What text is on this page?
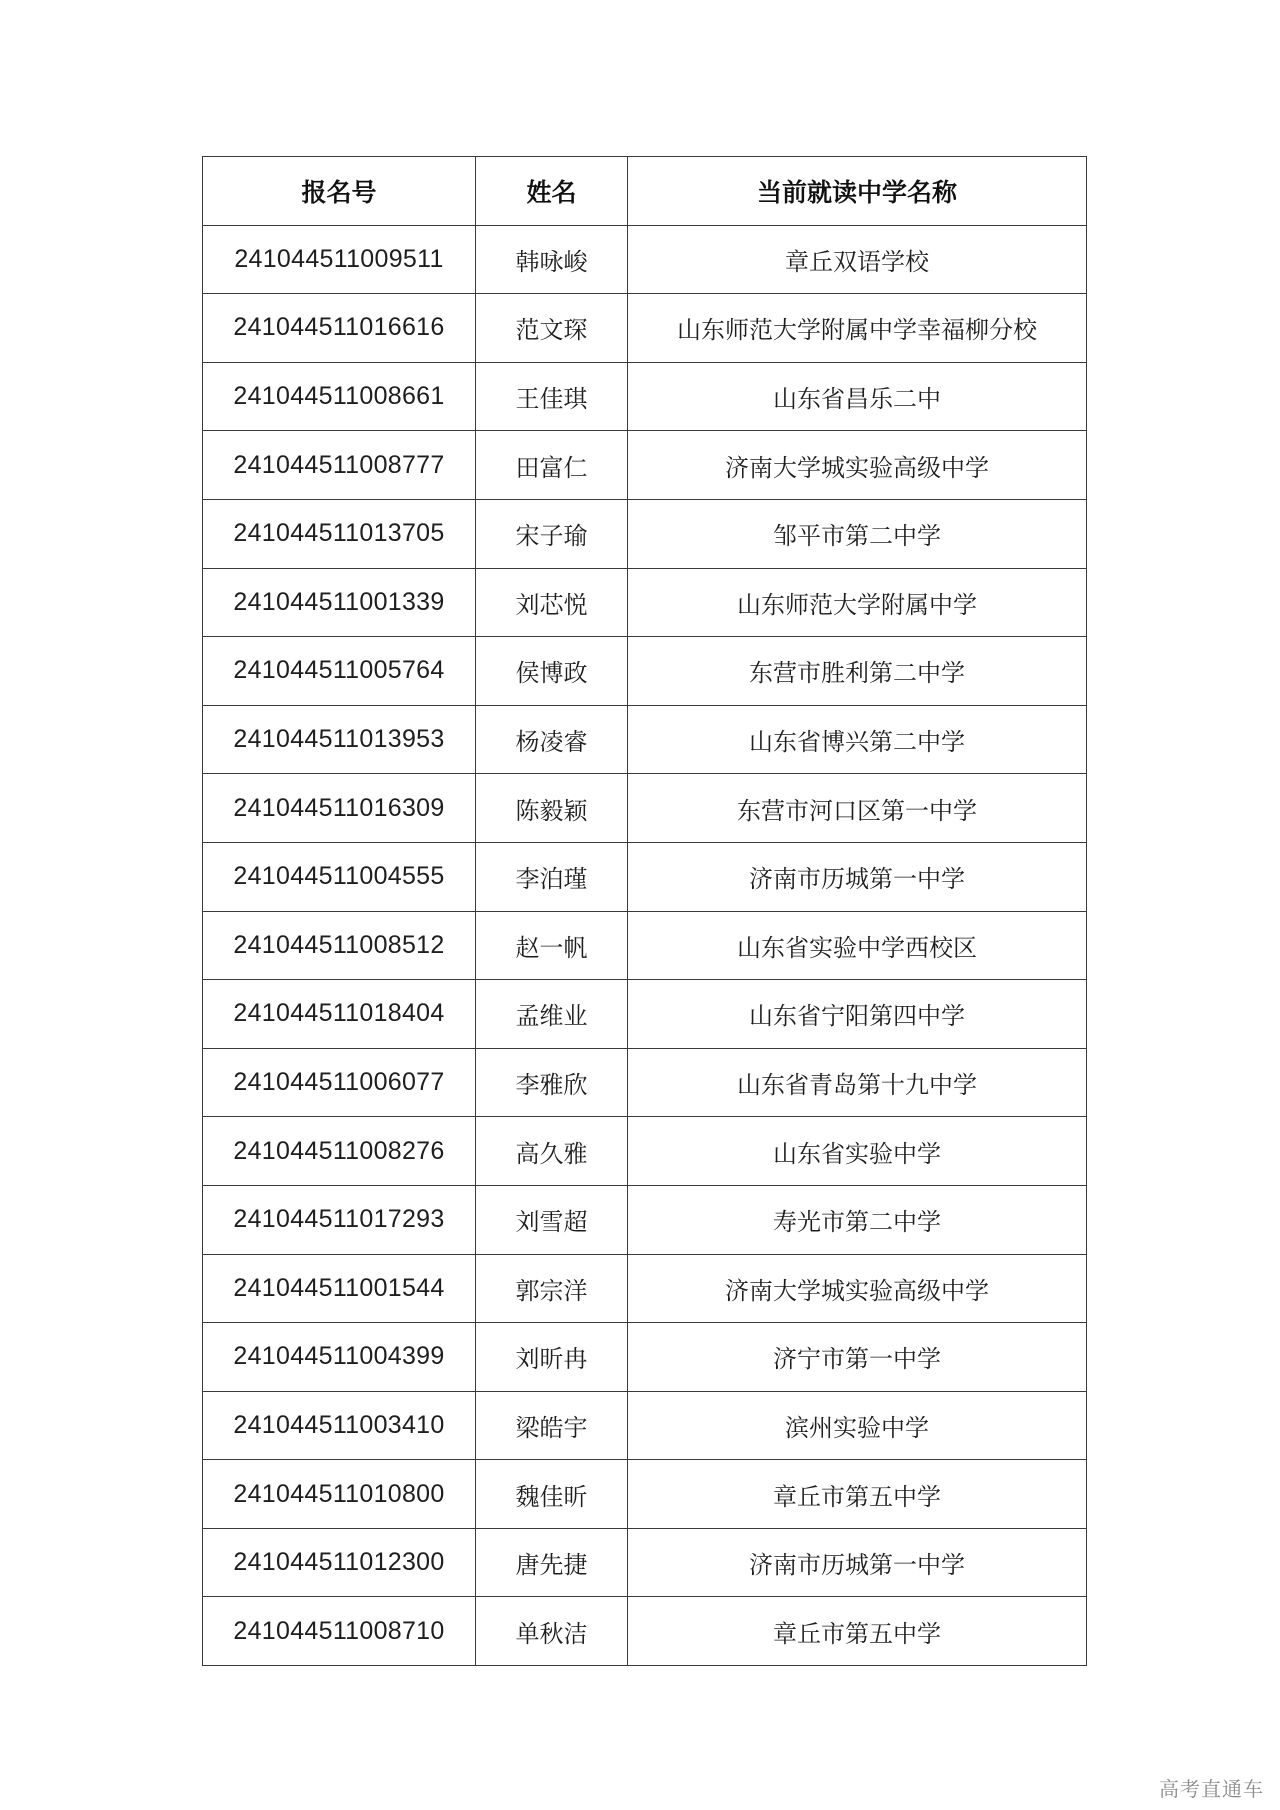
报名号	姓名	当前就读中学名称
241044511009511	韩咏峻	章丘双语学校
241044511016616	范文琛	山东师范大学附属中学幸福柳分校
241044511008661	王佳琪	山东省昌乐二中
241044511008777	田富仁	济南大学城实验高级中学
241044511013705	宋子瑜	邹平市第二中学
241044511001339	刘芯悦	山东师范大学附属中学
241044511005764	侯博政	东营市胜利第二中学
241044511013953	杨凌睿	山东省博兴第二中学
241044511016309	陈毅颖	东营市河口区第一中学
241044511004555	李泊瑾	济南市历城第一中学
241044511008512	赵一帆	山东省实验中学西校区
241044511018404	孟维业	山东省宁阳第四中学
241044511006077	李雅欣	山东省青岛第十九中学
241044511008276	高久雅	山东省实验中学
241044511017293	刘雪超	寿光市第二中学
241044511001544	郭宗洋	济南大学城实验高级中学
241044511004399	刘昕冉	济宁市第一中学
241044511003410	梁皓宇	滨州实验中学
241044511010800	魏佳昕	章丘市第五中学
241044511012300	唐先捷	济南市历城第一中学
241044511008710	单秋洁	章丘市第五中学
高考直通车
